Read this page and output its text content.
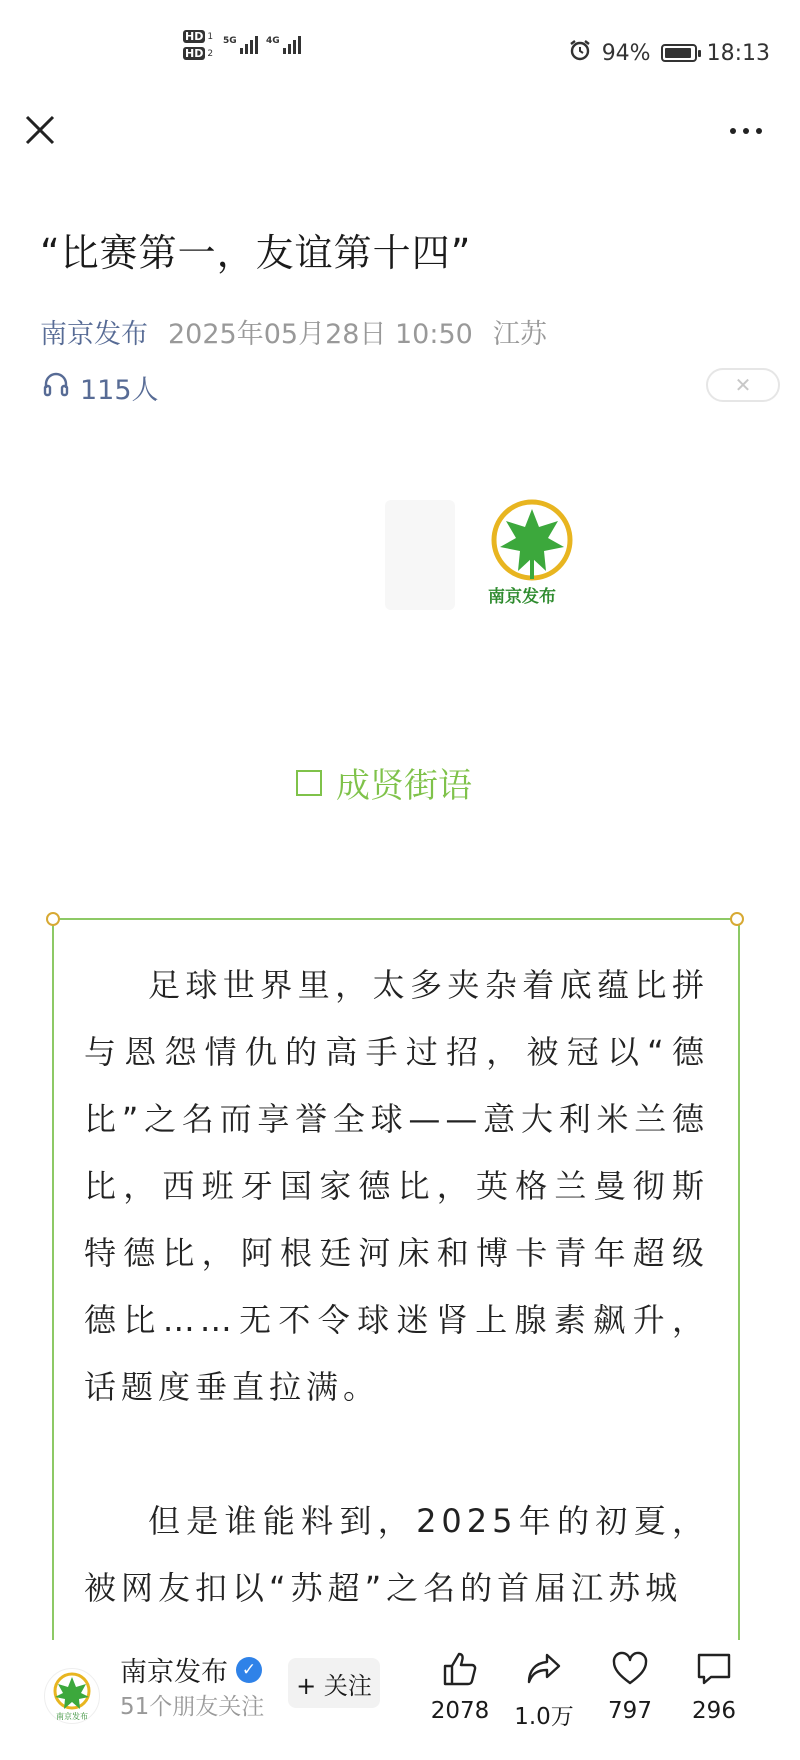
HD 1
HD 2
5G	4G	94%	18:13
“比赛第一，友谊第十四”
南京发布 2025年05月28日 10:50 江苏
115人	✕
南京发布
成贤街语

足球世界里，太多夹杂着底蕴比拼与恩怨情仇的高手过招，被冠以“德比”之名而享誉全球——意大利米兰德比，西班牙国家德比，英格兰曼彻斯特德比，阿根廷河床和博卡青年超级德比……无不令球迷肾上腺素飙升，话题度垂直拉满。

但是谁能料到，2025年的初夏，被网友扣以“苏超”之名的首届江苏城

南京发布
南京发布 ✓
51个朋友关注
+ 关注
2078 1.0万 797 296
